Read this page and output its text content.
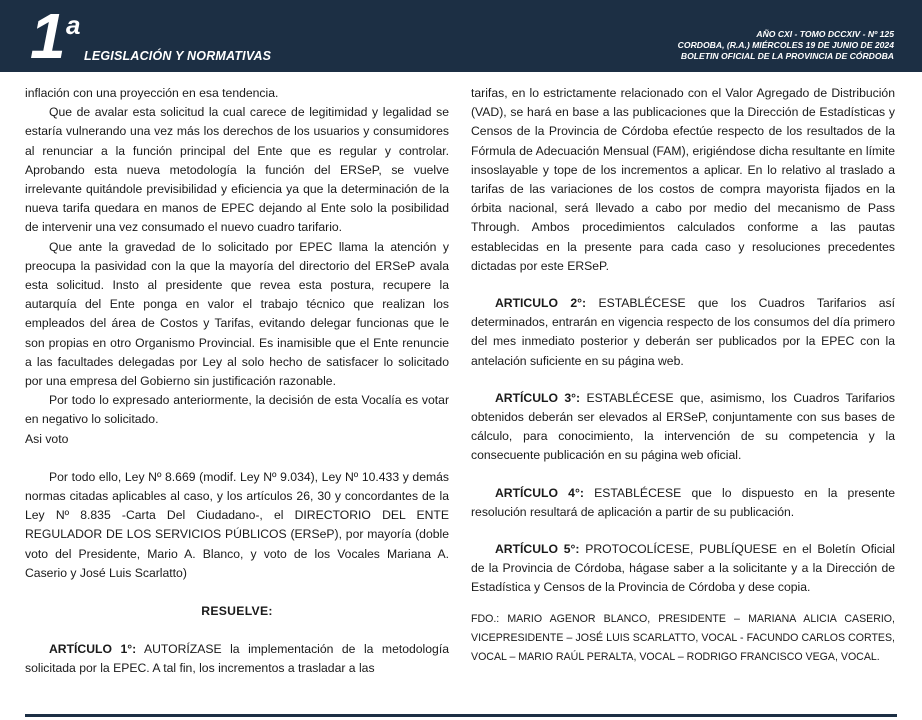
1 a
LEGISLACIÓN Y NORMATIVAS
AÑO CXI - TOMO DCCXIV - Nº 125
CORDOBA, (R.A.) MIÉRCOLES 19 DE JUNIO DE 2024
BOLETIN OFICIAL DE LA PROVINCIA DE CÓRDOBA

inflación con una proyección en esa tendencia.

Que de avalar esta solicitud la cual carece de legitimidad y legalidad se estaría vulnerando una vez más los derechos de los usuarios y consumidores al renunciar a la función principal del Ente que es regular y controlar. Aprobando esta nueva metodología la función del ERSeP, se vuelve irrelevante quitándole previsibilidad y eficiencia ya que la determinación de la nueva tarifa quedara en manos de EPEC dejando al Ente solo la posibilidad de intervenir una vez consumado el nuevo cuadro tarifario.

Que ante la gravedad de lo solicitado por EPEC llama la atención y preocupa la pasividad con la que la mayoría del directorio del ERSeP avala esta solicitud. Insto al presidente que revea esta postura, recupere la autarquía del Ente ponga en valor el trabajo técnico que realizan los empleados del área de Costos y Tarifas, evitando delegar funcionas que le son propias en otro Organismo Provincial. Es inamisible que el Ente renuncie a las facultades delegadas por Ley al solo hecho de satisfacer lo solicitado por una empresa del Gobierno sin justificación razonable.

Por todo lo expresado anteriormente, la decisión de esta Vocalía es votar en negativo lo solicitado.

Asi voto

Por todo ello, Ley Nº 8.669 (modif. Ley Nº 9.034), Ley Nº 10.433 y demás normas citadas aplicables al caso, y los artículos 26, 30 y concordantes de la Ley Nº 8.835 -Carta Del Ciudadano-, el DIRECTORIO DEL ENTE REGULADOR DE LOS SERVICIOS PÚBLICOS (ERSeP), por mayoría (doble voto del Presidente, Mario A. Blanco, y voto de los Vocales Mariana A. Caserio y José Luis Scarlatto)

RESUELVE:

ARTÍCULO 1°: AUTORÍZASE la implementación de la metodología solicitada por la EPEC. A tal fin, los incrementos a trasladar a las

tarifas, en lo estrictamente relacionado con el Valor Agregado de Distribución (VAD), se hará en base a las publicaciones que la Dirección de Estadísticas y Censos de la Provincia de Córdoba efectúe respecto de los resultados de la Fórmula de Adecuación Mensual (FAM), erigiéndose dicha resultante en límite insoslayable y tope de los incrementos a aplicar. En lo relativo al traslado a tarifas de las variaciones de los costos de compra mayorista fijados en la órbita nacional, será llevado a cabo por medio del mecanismo de Pass Through. Ambos procedimientos calculados conforme a las pautas establecidas en la presente para cada caso y resoluciones precedentes dictadas por este ERSeP.

ARTICULO 2°: ESTABLÉCESE que los Cuadros Tarifarios así determinados, entrarán en vigencia respecto de los consumos del día primero del mes inmediato posterior y deberán ser publicados por la EPEC con la antelación suficiente en su página web.

ARTÍCULO 3°: ESTABLÉCESE que, asimismo, los Cuadros Tarifarios obtenidos deberán ser elevados al ERSeP, conjuntamente con sus bases de cálculo, para conocimiento, la intervención de su competencia y la consecuente publicación en su página web oficial.

ARTÍCULO 4°: ESTABLÉCESE que lo dispuesto en la presente resolución resultará de aplicación a partir de su publicación.

ARTÍCULO 5°: PROTOCOLÍCESE, PUBLÍQUESE en el Boletín Oficial de la Provincia de Córdoba, hágase saber a la solicitante y a la Dirección de Estadística y Censos de la Provincia de Córdoba y dese copia.

FDO.: MARIO AGENOR BLANCO, PRESIDENTE – MARIANA ALICIA CASERIO, VICEPRESIDENTE – JOSÉ LUIS SCARLATTO, VOCAL - FACUNDO CARLOS CORTES, VOCAL – MARIO RAÚL PERALTA, VOCAL – RODRIGO FRANCISCO VEGA, VOCAL.
